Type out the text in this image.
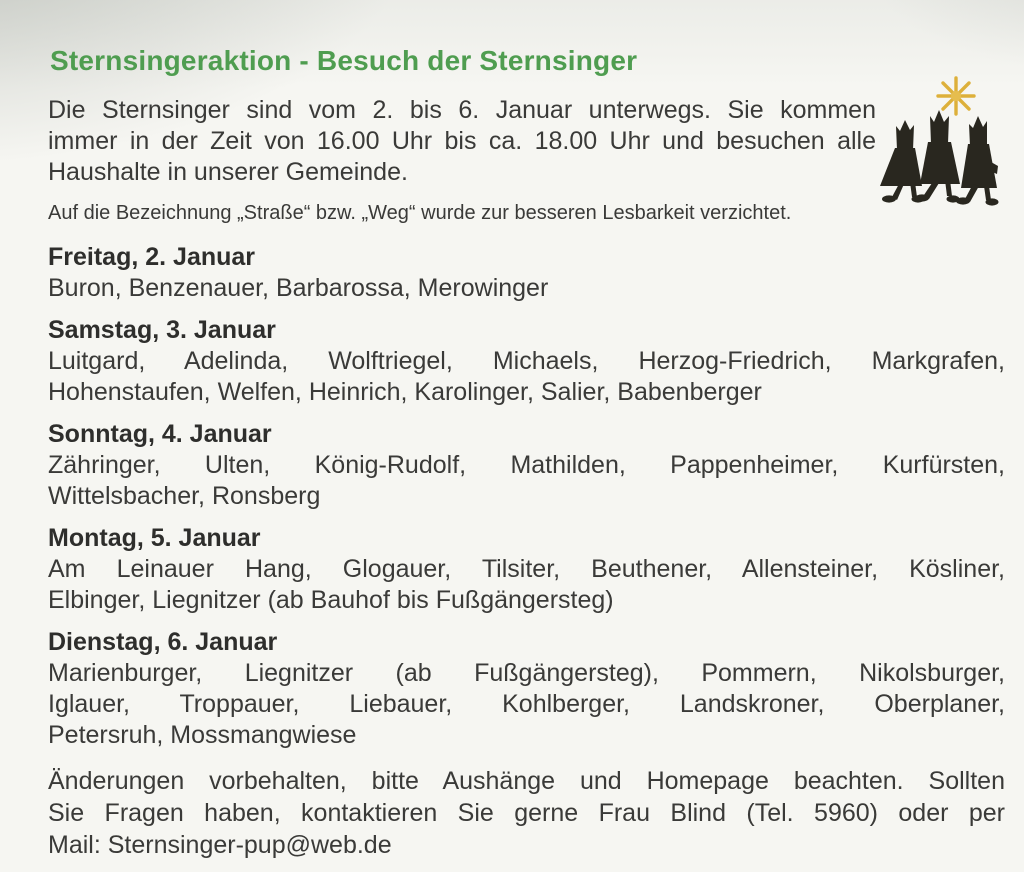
Sternsingeraktion - Besuch der Sternsinger
Die Sternsinger sind vom 2. bis 6. Januar unterwegs. Sie kommen
immer in der Zeit von 16.00 Uhr bis ca. 18.00 Uhr und besuchen alle
Haushalte in unserer Gemeinde.

Auf die Bezeichnung „Straße“ bzw. „Weg“ wurde zur besseren Lesbarkeit verzichtet.

Freitag, 2. Januar
Buron, Benzenauer, Barbarossa, Merowinger
Samstag, 3. Januar
Luitgard, Adelinda, Wolftriegel, Michaels, Herzog-Friedrich, Markgrafen,
Hohenstaufen, Welfen, Heinrich, Karolinger, Salier, Babenberger
Sonntag, 4. Januar
Zähringer, Ulten, König-Rudolf, Mathilden, Pappenheimer, Kurfürsten,
Wittelsbacher, Ronsberg
Montag, 5. Januar
Am Leinauer Hang, Glogauer, Tilsiter, Beuthener, Allensteiner, Kösliner,
Elbinger, Liegnitzer (ab Bauhof bis Fußgängersteg)
Dienstag, 6. Januar
Marienburger, Liegnitzer (ab Fußgängersteg), Pommern, Nikolsburger,
Iglauer, Troppauer, Liebauer, Kohlberger, Landskroner, Oberplaner,
Petersruh, Mossmangwiese
Änderungen vorbehalten, bitte Aushänge und Homepage beachten. Sollten
Sie Fragen haben, kontaktieren Sie gerne Frau Blind (Tel. 5960) oder per
Mail: Sternsinger-pup@web.de
